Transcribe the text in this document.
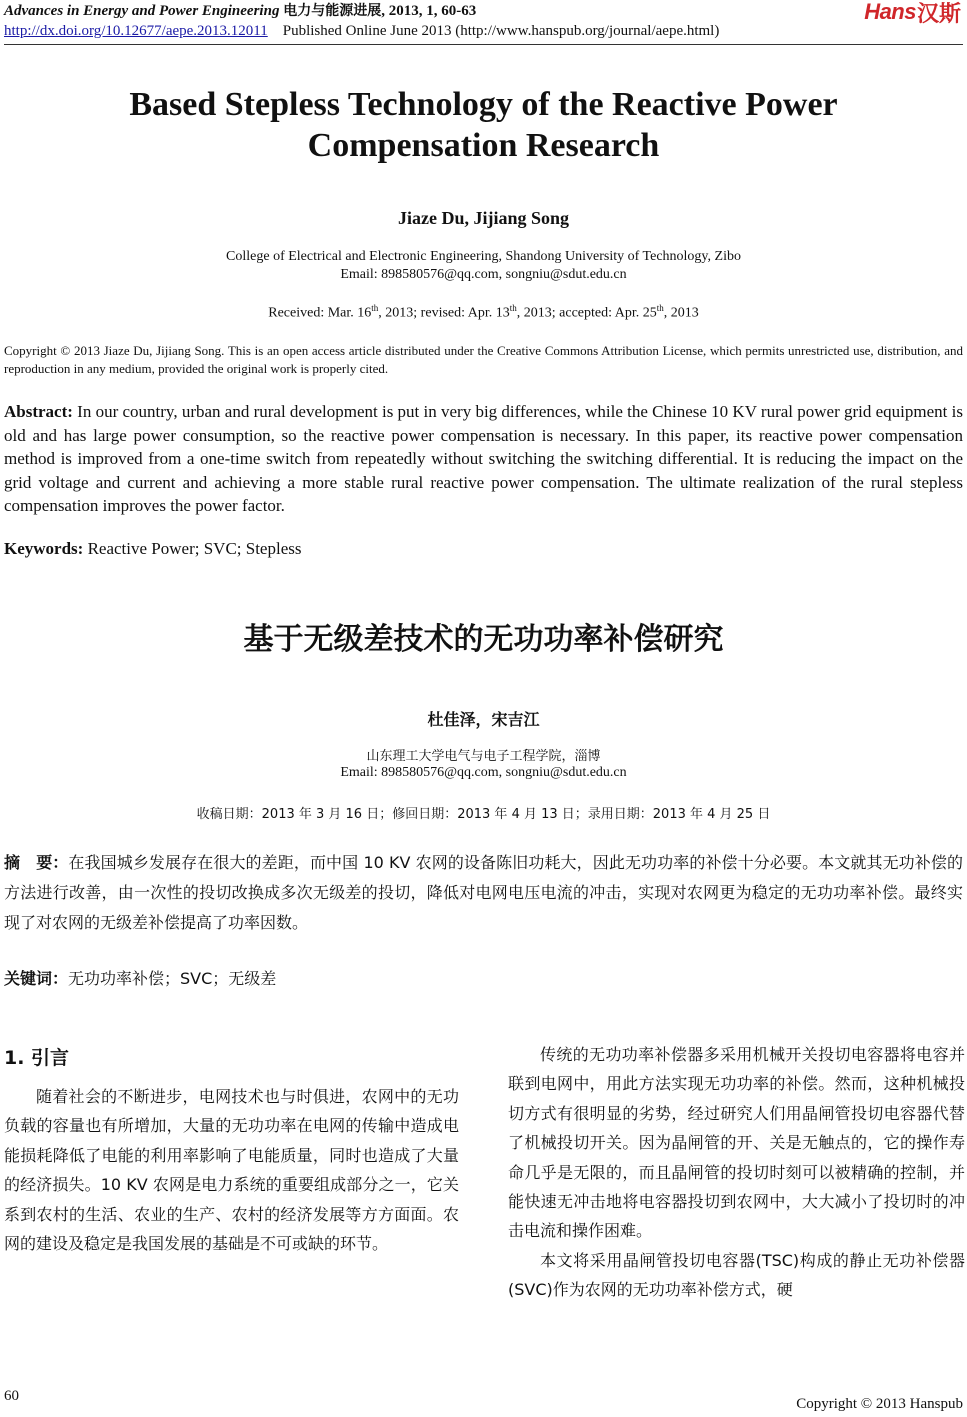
Advances in Energy and Power Engineering 电力与能源进展, 2013, 1, 60-63
http://dx.doi.org/10.12677/aepe.2013.12011 Published Online June 2013 (http://www.hanspub.org/journal/aepe.html)
Hans 汉斯
Based Stepless Technology of the Reactive Power
Compensation Research
Jiaze Du, Jijiang Song
College of Electrical and Electronic Engineering, Shandong University of Technology, Zibo
Email: 898580576@qq.com, songniu@sdut.edu.cn
Received: Mar. 16th, 2013; revised: Apr. 13th, 2013; accepted: Apr. 25th, 2013
Copyright © 2013 Jiaze Du, Jijiang Song. This is an open access article distributed under the Creative Commons Attribution License, which permits unrestricted use, distribution, and reproduction in any medium, provided the original work is properly cited.
Abstract: In our country, urban and rural development is put in very big differences, while the Chinese 10 KV rural power grid equipment is old and has large power consumption, so the reactive power compensation is necessary. In this paper, its reactive power compensation method is improved from a one-time switch from repeatedly without switching the switching differential. It is reducing the impact on the grid voltage and current and achieving a more stable rural reactive power compensation. The ultimate realization of the rural stepless compensation improves the power factor.
Keywords: Reactive Power; SVC; Stepless
基于无级差技术的无功功率补偿研究
杜佳泽，宋吉江
山东理工大学电气与电子工程学院，淄博
Email: 898580576@qq.com, songniu@sdut.edu.cn
收稿日期：2013 年 3 月 16 日；修回日期：2013 年 4 月 13 日；录用日期：2013 年 4 月 25 日
摘　要：在我国城乡发展存在很大的差距，而中国 10 KV 农网的设备陈旧功耗大，因此无功功率的补偿十分必要。本文就其无功补偿的方法进行改善，由一次性的投切改换成多次无级差的投切，降低对电网电压电流的冲击，实现对农网更为稳定的无功功率补偿。最终实现了对农网的无级差补偿提高了功率因数。
关键词：无功功率补偿；SVC；无级差
1. 引言

随着社会的不断进步，电网技术也与时俱进，农网中的无功负载的容量也有所增加，大量的无功功率在电网的传输中造成电能损耗降低了电能的利用率影响了电能质量，同时也造成了大量的经济损失。10 KV 农网是电力系统的重要组成部分之一，它关系到农村的生活、农业的生产、农村的经济发展等方方面面。农网的建设及稳定是我国发展的基础是不可或缺的环节。

传统的无功功率补偿器多采用机械开关投切电容器将电容并联到电网中，用此方法实现无功功率的补偿。然而，这种机械投切方式有很明显的劣势，经过研究人们用晶闸管投切电容器代替了机械投切开关。因为晶闸管的开、关是无触点的，它的操作寿命几乎是无限的，而且晶闸管的投切时刻可以被精确的控制，并能快速无冲击地将电容器投切到农网中，大大减小了投切时的冲击电流和操作困难。

本文将采用晶闸管投切电容器(TSC)构成的静止无功补偿器(SVC)作为农网的无功功率补偿方式，硬

60	Copyright © 2013 Hanspub
